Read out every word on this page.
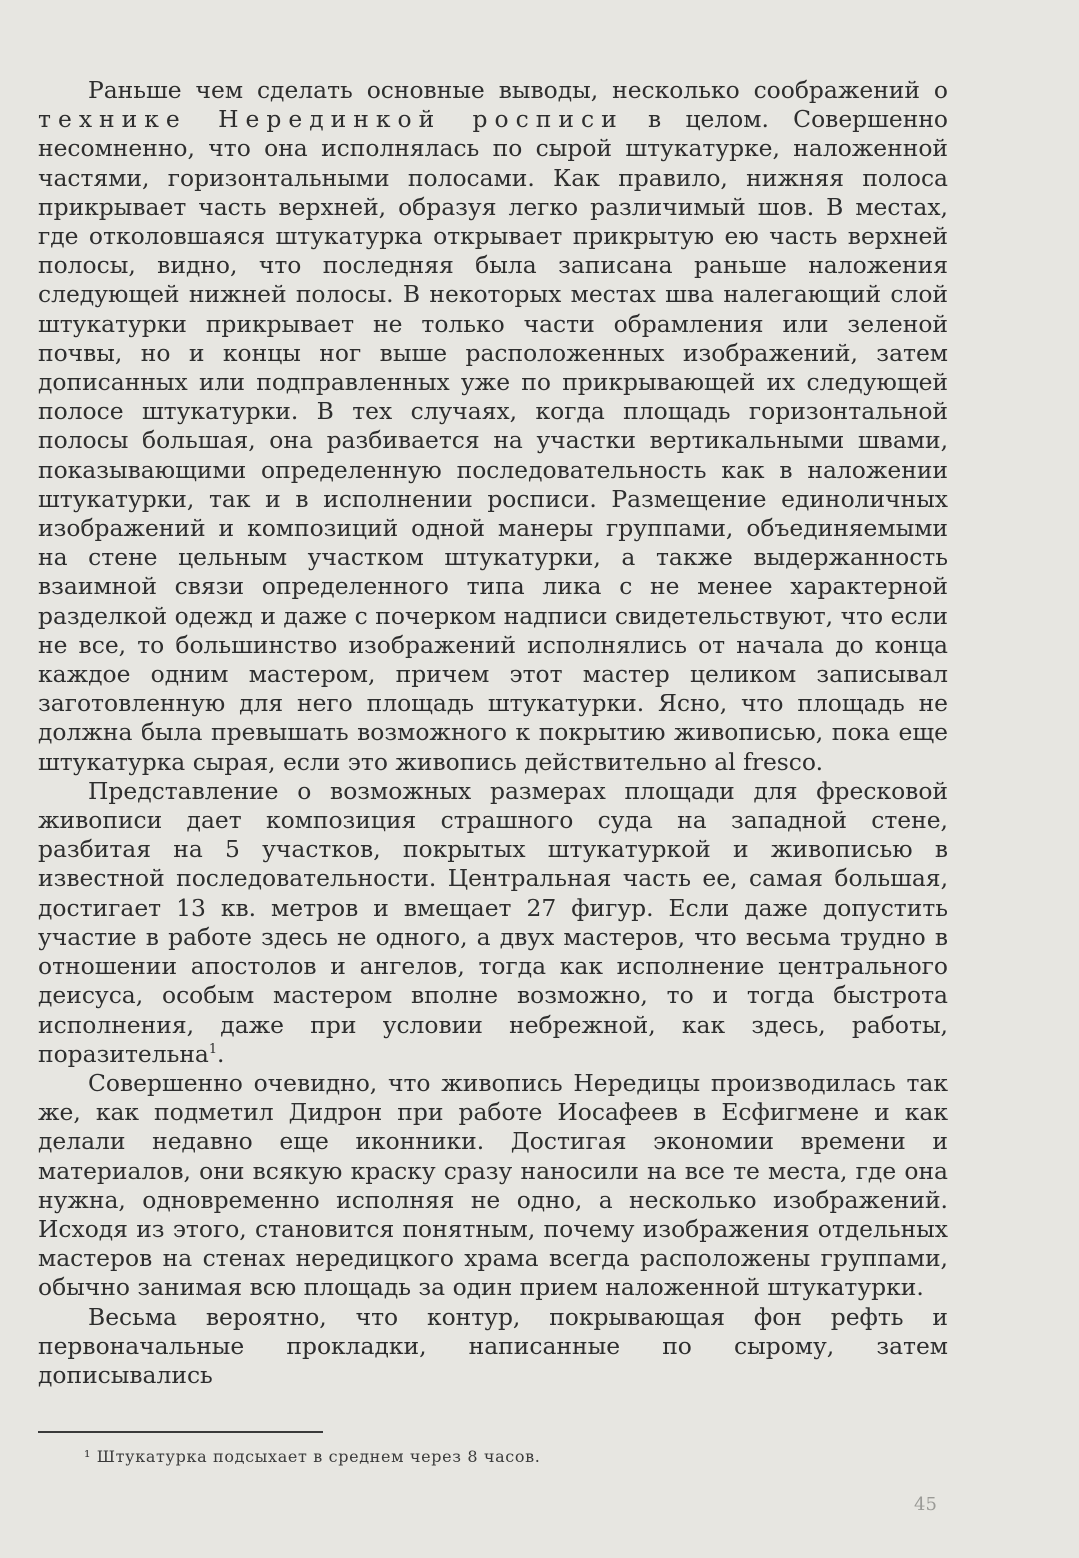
Раньше чем сделать основные выводы, несколько соображений о технике Нерединкой росписи в целом. Совершенно несомненно, что она исполнялась по сырой штукатурке, наложенной частями, горизонтальными полосами. Как правило, нижняя полоса прикрывает часть верхней, образуя легко различимый шов. В местах, где отколовшаяся штукатурка открывает прикрытую ею часть верхней полосы, видно, что последняя была записана раньше наложения следующей нижней полосы. В некоторых местах шва налегающий слой штукатурки прикрывает не только части обрамления или зеленой почвы, но и концы ног выше расположенных изображений, затем дописанных или подправленных уже по прикрывающей их следующей полосе штукатурки. В тех случаях, когда площадь горизонтальной полосы большая, она разбивается на участки вертикальными швами, показывающими определенную последовательность как в наложении штукатурки, так и в исполнении росписи. Размещение единоличных изображений и композиций одной манеры группами, объединяемыми на стене цельным участком штукатурки, а также выдержанность взаимной связи определенного типа лика с не менее характерной разделкой одежд и даже с почерком надписи свидетельствуют, что если не все, то большинство изображений исполнялись от начала до конца каждое одним мастером, причем этот мастер целиком записывал заготовленную для него площадь штукатурки. Ясно, что площадь не должна была превышать возможного к покрытию живописью, пока еще штукатурка сырая, если это живопись действительно al fresco.

Представление о возможных размерах площади для фресковой живописи дает композиция страшного суда на западной стене, разбитая на 5 участков, покрытых штукатуркой и живописью в известной последовательности. Центральная часть ее, самая большая, достигает 13 кв. метров и вмещает 27 фигур. Если даже допустить участие в работе здесь не одного, а двух мастеров, что весьма трудно в отношении апостолов и ангелов, тогда как исполнение центрального деисуса, особым мастером вполне возможно, то и тогда быстрота исполнения, даже при условии небрежной, как здесь, работы, поразительна$^1$.

Совершенно очевидно, что живопись Нередицы производилась так же, как подметил Дидрон при работе Иосафеев в Есфигмене и как делали недавно еще иконники. Достигая экономии времени и материалов, они всякую краску сразу наносили на все те места, где она нужна, одновременно исполняя не одно, а несколько изображений. Исходя из этого, становится понятным, почему изображения отдельных мастеров на стенах нередицкого храма всегда расположены группами, обычно занимая всю площадь за один прием наложенной штукатурки.

Весьма вероятно, что контур, покрывающая фон рефть и первоначальные прокладки, написанные по сырому, затем дописывались

¹ Штукатурка подсыхает в среднем через 8 часов.
45
